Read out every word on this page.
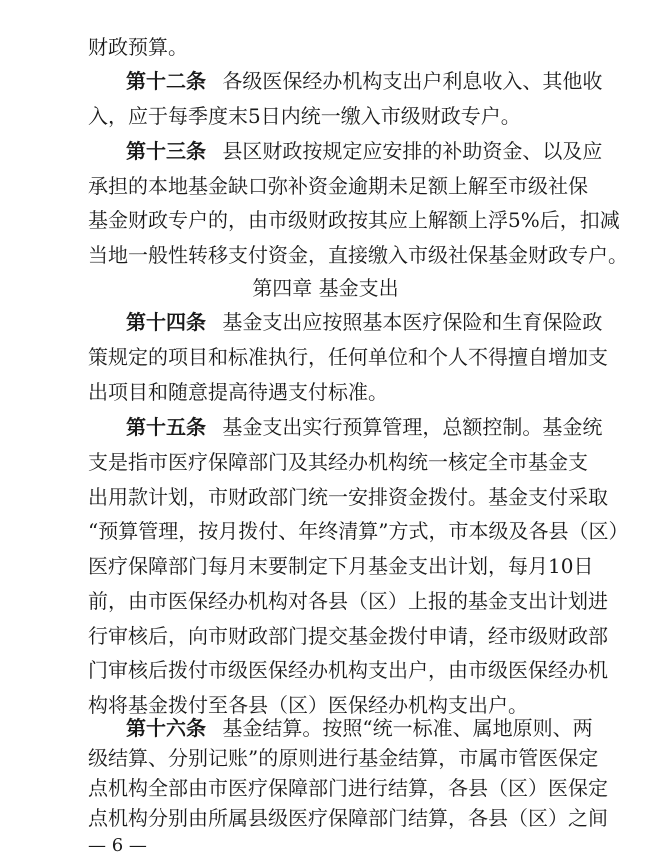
财政预算。
第十二条 各级医保经办机构支出户利息收入、其他收
入，应于每季度末5日内统一缴入市级财政专户。
第十三条 县区财政按规定应安排的补助资金、以及应
承担的本地基金缺口弥补资金逾期未足额上解至市级社保
基金财政专户的，由市级财政按其应上解额上浮5%后，扣减
当地一般性转移支付资金，直接缴入市级社保基金财政专户。
第四章 基金支出
第十四条 基金支出应按照基本医疗保险和生育保险政
策规定的项目和标准执行，任何单位和个人不得擅自增加支
出项目和随意提高待遇支付标准。
第十五条 基金支出实行预算管理，总额控制。基金统
支是指市医疗保障部门及其经办机构统一核定全市基金支
出用款计划，市财政部门统一安排资金拨付。基金支付采取
“预算管理，按月拨付、年终清算”方式，市本级及各县（区）
医疗保障部门每月末要制定下月基金支出计划，每月10日
前，由市医保经办机构对各县（区）上报的基金支出计划进
行审核后，向市财政部门提交基金拨付申请，经市级财政部
门审核后拨付市级医保经办机构支出户，由市级医保经办机
构将基金拨付至各县（区）医保经办机构支出户。
第十六条 基金结算。按照“统一标准、属地原则、两
级结算、分别记账”的原则进行基金结算，市属市管医保定
点机构全部由市医疗保障部门进行结算，各县（区）医保定
点机构分别由所属县级医疗保障部门结算，各县（区）之间
— 6 —
